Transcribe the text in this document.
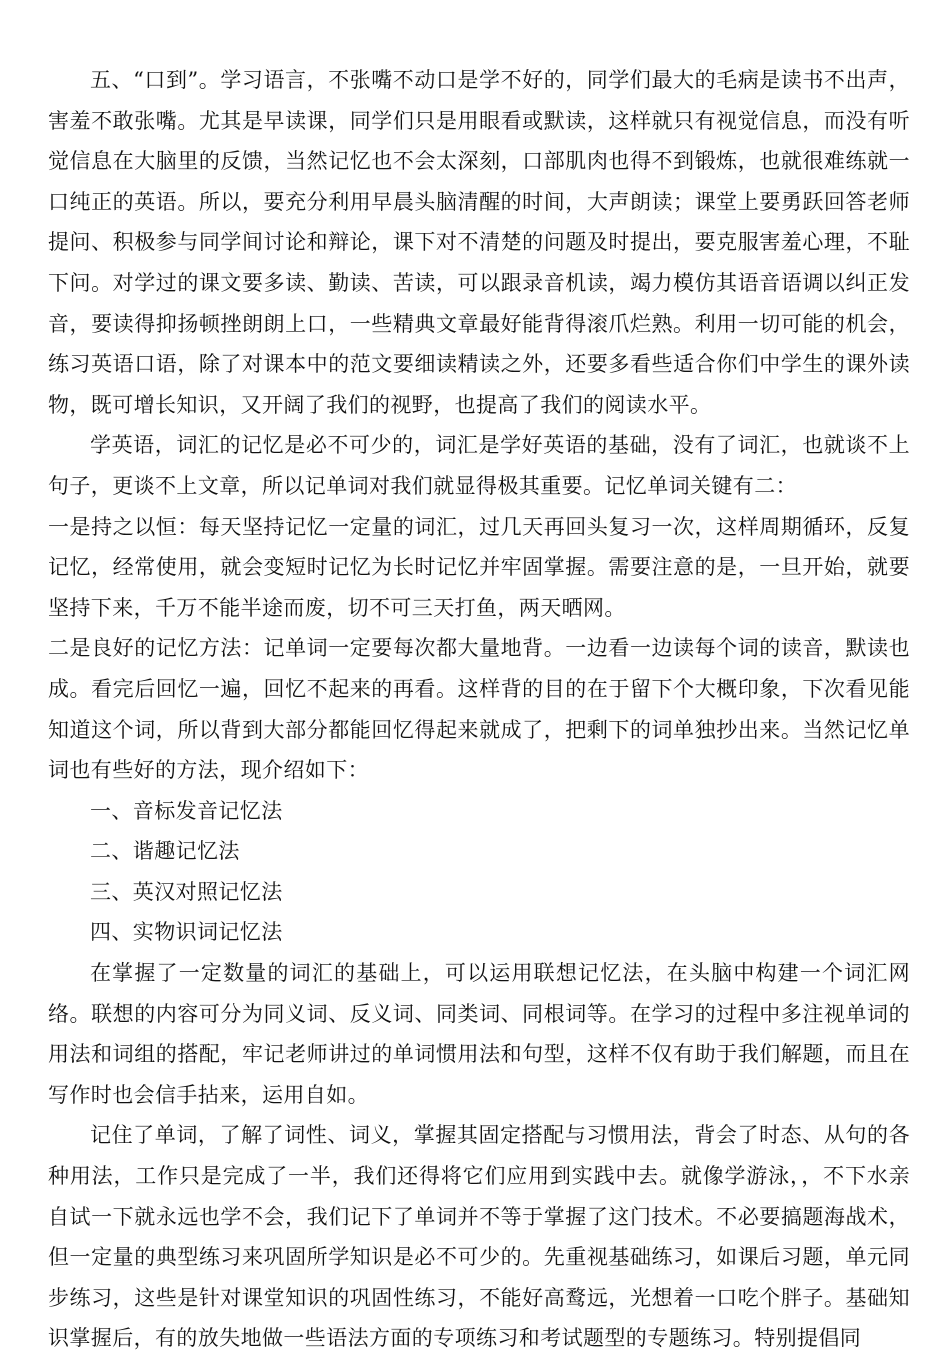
五、“口到”。学习语言，不张嘴不动口是学不好的，同学们最大的毛病是读书不出声，害羞不敢张嘴。尤其是早读课，同学们只是用眼看或默读，这样就只有视觉信息，而没有听觉信息在大脑里的反馈，当然记忆也不会太深刻，口部肌肉也得不到锻炼，也就很难练就一口纯正的英语。所以，要充分利用早晨头脑清醒的时间，大声朗读；课堂上要勇跃回答老师提问、积极参与同学间讨论和辩论，课下对不清楚的问题及时提出，要克服害羞心理，不耻下问。对学过的课文要多读、勤读、苦读，可以跟录音机读，竭力模仿其语音语调以纠正发音，要读得抑扬顿挫朗朗上口，一些精典文章最好能背得滚爪烂熟。利用一切可能的机会，练习英语口语，除了对课本中的范文要细读精读之外，还要多看些适合你们中学生的课外读物，既可增长知识，又开阔了我们的视野，也提高了我们的阅读水平。

学英语，词汇的记忆是必不可少的，词汇是学好英语的基础，没有了词汇，也就谈不上句子，更谈不上文章，所以记单词对我们就显得极其重要。记忆单词关键有二：

一是持之以恒：每天坚持记忆一定量的词汇，过几天再回头复习一次，这样周期循环，反复记忆，经常使用，就会变短时记忆为长时记忆并牢固掌握。需要注意的是，一旦开始，就要坚持下来，千万不能半途而废，切不可三天打鱼，两天晒网。

二是良好的记忆方法：记单词一定要每次都大量地背。一边看一边读每个词的读音，默读也成。看完后回忆一遍，回忆不起来的再看。这样背的目的在于留下个大概印象，下次看见能知道这个词，所以背到大部分都能回忆得起来就成了，把剩下的词单独抄出来。当然记忆单词也有些好的方法，现介绍如下：

一、音标发音记忆法

二、谐趣记忆法

三、英汉对照记忆法

四、实物识词记忆法

在掌握了一定数量的词汇的基础上，可以运用联想记忆法，在头脑中构建一个词汇网络。联想的内容可分为同义词、反义词、同类词、同根词等。在学习的过程中多注视单词的用法和词组的搭配，牢记老师讲过的单词惯用法和句型，这样不仅有助于我们解题，而且在写作时也会信手拈来，运用自如。

记住了单词，了解了词性、词义，掌握其固定搭配与习惯用法，背会了时态、从句的各种用法，工作只是完成了一半，我们还得将它们应用到实践中去。就像学游泳，，不下水亲自试一下就永远也学不会，我们记下了单词并不等于掌握了这门技术。不必要搞题海战术，但一定量的典型练习来巩固所学知识是必不可少的。先重视基础练习，如课后习题，单元同步练习，这些是针对课堂知识的巩固性练习，不能好高鹜远，光想着一口吃个胖子。基础知识掌握后，有的放失地做一些语法方面的专项练习和考试题型的专题练习。特别提倡同
